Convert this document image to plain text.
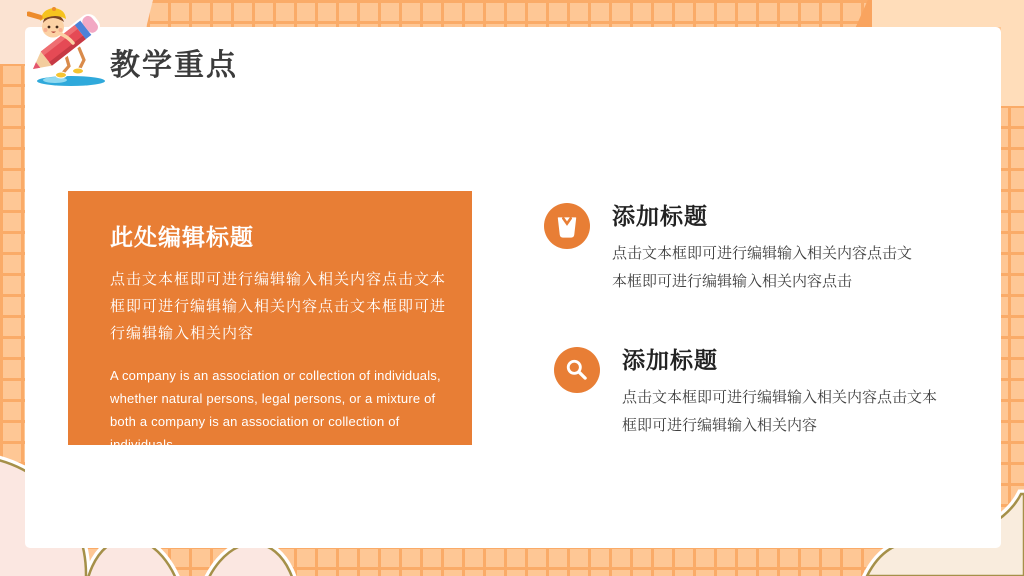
教学重点

此处编辑标题

点击文本框即可进行编辑输入相关内容点击文本框即可进行编辑输入相关内容点击文本框即可进行编辑输入相关内容

A company is an association or collection of individuals, whether natural persons, legal persons, or a mixture of both a company is an association or collection of individuals,

添加标题

点击文本框即可进行编辑输入相关内容点击文本框即可进行编辑输入相关内容点击

添加标题

点击文本框即可进行编辑输入相关内容点击文本框即可进行编辑输入相关内容
